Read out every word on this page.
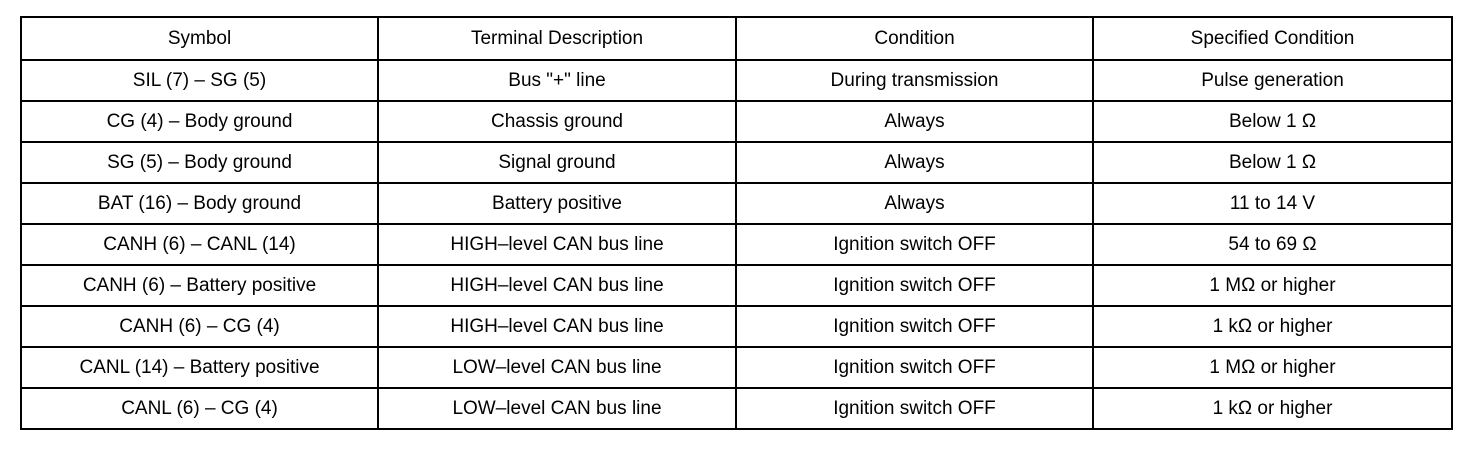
Symbol	Terminal Description	Condition	Specified Condition
SIL (7) – SG (5)	Bus "+" line	During transmission	Pulse generation
CG (4) – Body ground	Chassis ground	Always	Below 1 Ω
SG (5) – Body ground	Signal ground	Always	Below 1 Ω
BAT (16) – Body ground	Battery positive	Always	11 to 14 V
CANH (6) – CANL (14)	HIGH–level CAN bus line	Ignition switch OFF	54 to 69 Ω
CANH (6) – Battery positive	HIGH–level CAN bus line	Ignition switch OFF	1 MΩ or higher
CANH (6) – CG (4)	HIGH–level CAN bus line	Ignition switch OFF	1 kΩ or higher
CANL (14) – Battery positive	LOW–level CAN bus line	Ignition switch OFF	1 MΩ or higher
CANL (6) – CG (4)	LOW–level CAN bus line	Ignition switch OFF	1 kΩ or higher
